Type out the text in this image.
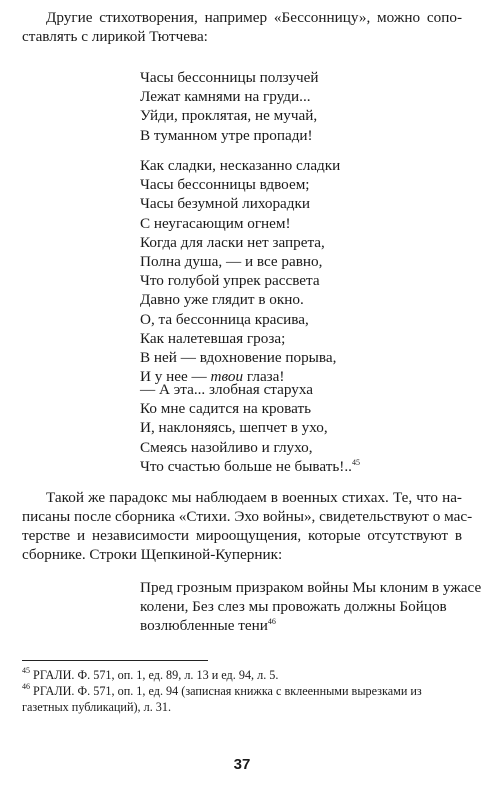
Другие стихотворения, например «Бессонницу», можно сопо-
ставлять с лирикой Тютчева:
Часы бессонницы ползучей
Лежат камнями на груди...
Уйди, проклятая, не мучай,
В туманном утре пропади!
Как сладки, несказанно сладки
Часы бессонницы вдвоем;
Часы безумной лихорадки
С неугасающим огнем!
Когда для ласки нет запрета,
Полна душа, — и все равно,
Что голубой упрек рассвета
Давно уже глядит в окно.
О, та бессонница красива,
Как налетевшая гроза;
В ней — вдохновение порыва,
И у нее — твои глаза!
— А эта... злобная старуха
Ко мне садится на кровать
И, наклоняясь, шепчет в ухо,
Смеясь назойливо и глухо,
Что счастью больше не бывать!..$^{45}$
Такой же парадокс мы наблюдаем в военных стихах. Те, что на-
писаны после сборника «Стихи. Эхо войны», свидетельствуют о мас-
терстве и независимости мироощущения, которые отсутствуют в
сборнике. Строки Щепкиной-Куперник:
Пред грозным призраком войны Мы клоним в ужасе колени, Без слез мы провожать должны Бойцов возлюбленные тени$^{46}$
$^{45}$ РГАЛИ. Ф. 571, оп. 1, ед. 89, л. 13 и ед. 94, л. 5.
$^{46}$ РГАЛИ. Ф. 571, оп. 1, ед. 94 (записная книжка с вклеенными вырезками из
газетных публикаций), л. 31.
37
